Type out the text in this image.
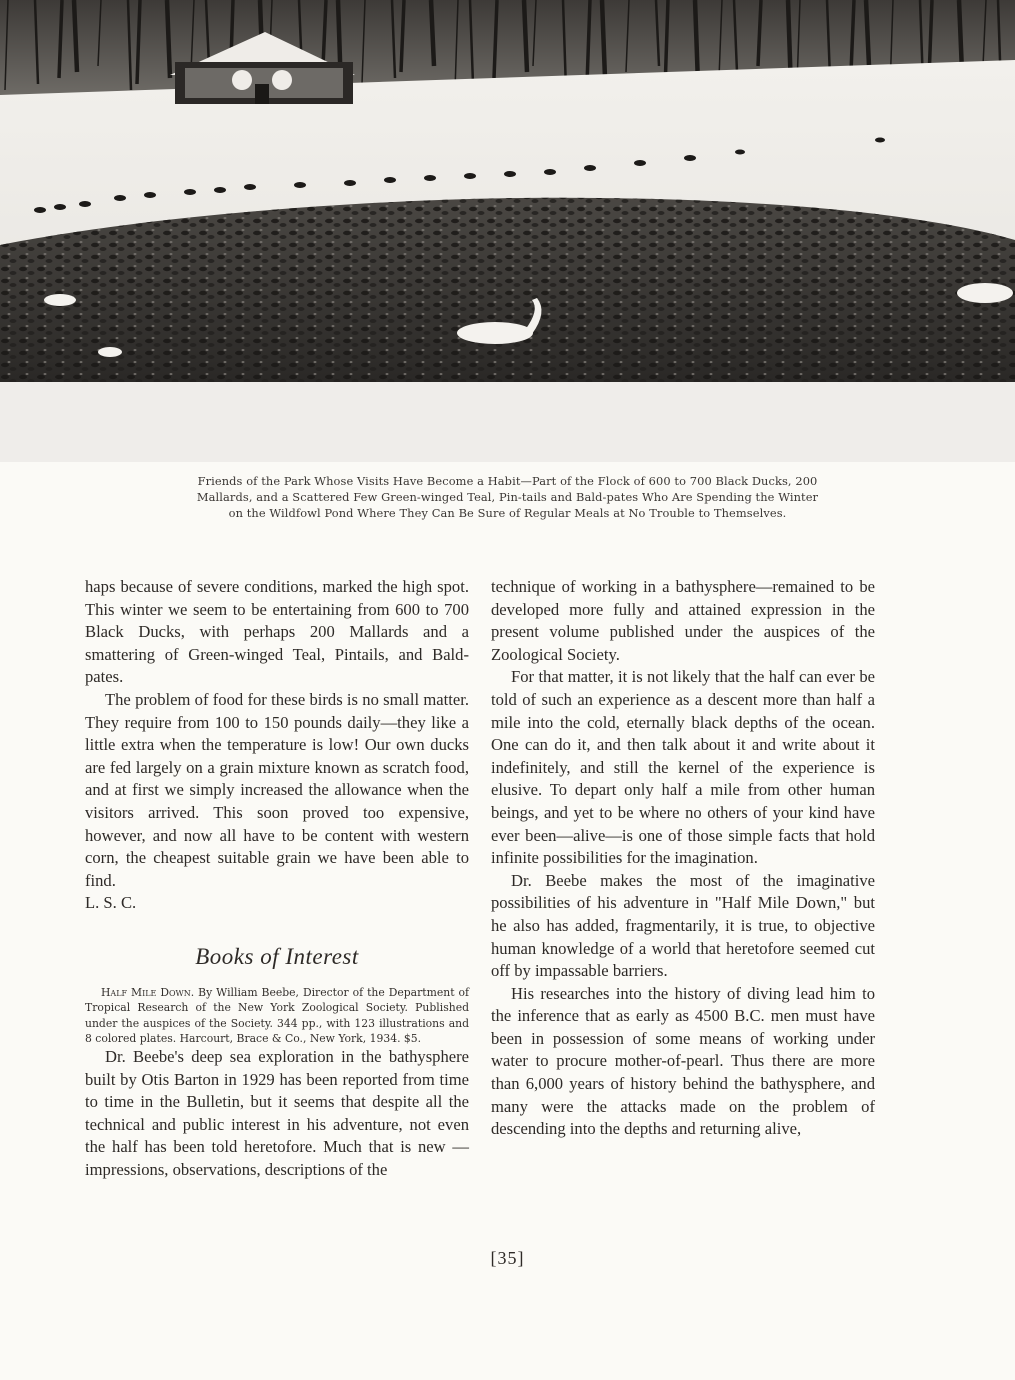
Friends of the Park Whose Visits Have Become a Habit—Part of the Flock of 600 to 700 Black Ducks, 200
Mallards, and a Scattered Few Green-winged Teal, Pin-tails and Bald-pates Who Are Spending the Winter
on the Wildfowl Pond Where They Can Be Sure of Regular Meals at No Trouble to Themselves.

haps because of severe conditions, marked the high spot. This winter we seem to be entertaining from 600 to 700 Black Ducks, with perhaps 200 Mallards and a smattering of Green-winged Teal, Pintails, and Bald-pates.

The problem of food for these birds is no small matter. They require from 100 to 150 pounds daily—they like a little extra when the temperature is low! Our own ducks are fed largely on a grain mixture known as scratch food, and at first we simply increased the allowance when the visitors arrived. This soon proved too expensive, however, and now all have to be content with western corn, the cheapest suitable grain we have been able to find.

L. S. C.

Books of Interest

Half Mile Down. By William Beebe, Director of the Department of Tropical Research of the New York Zoological Society. Published under the auspices of the Society. 344 pp., with 123 illustrations and 8 colored plates. Harcourt, Brace & Co., New York, 1934. $5.

Dr. Beebe's deep sea exploration in the bathysphere built by Otis Barton in 1929 has been reported from time to time in the Bulletin, but it seems that despite all the technical and public interest in his adventure, not even the half has been told heretofore. Much that is new —impressions, observations, descriptions of the

technique of working in a bathysphere—remained to be developed more fully and attained expression in the present volume published under the auspices of the Zoological Society.

For that matter, it is not likely that the half can ever be told of such an experience as a descent more than half a mile into the cold, eternally black depths of the ocean. One can do it, and then talk about it and write about it indefinitely, and still the kernel of the experience is elusive. To depart only half a mile from other human beings, and yet to be where no others of your kind have ever been—alive—is one of those simple facts that hold infinite possibilities for the imagination.

Dr. Beebe makes the most of the imaginative possibilities of his adventure in "Half Mile Down," but he also has added, fragmentarily, it is true, to objective human knowledge of a world that heretofore seemed cut off by impassable barriers.

His researches into the history of diving lead him to the inference that as early as 4500 B.C. men must have been in possession of some means of working under water to procure mother-of-pearl. Thus there are more than 6,000 years of history behind the bathysphere, and many were the attacks made on the problem of descending into the depths and returning alive,

[35]
